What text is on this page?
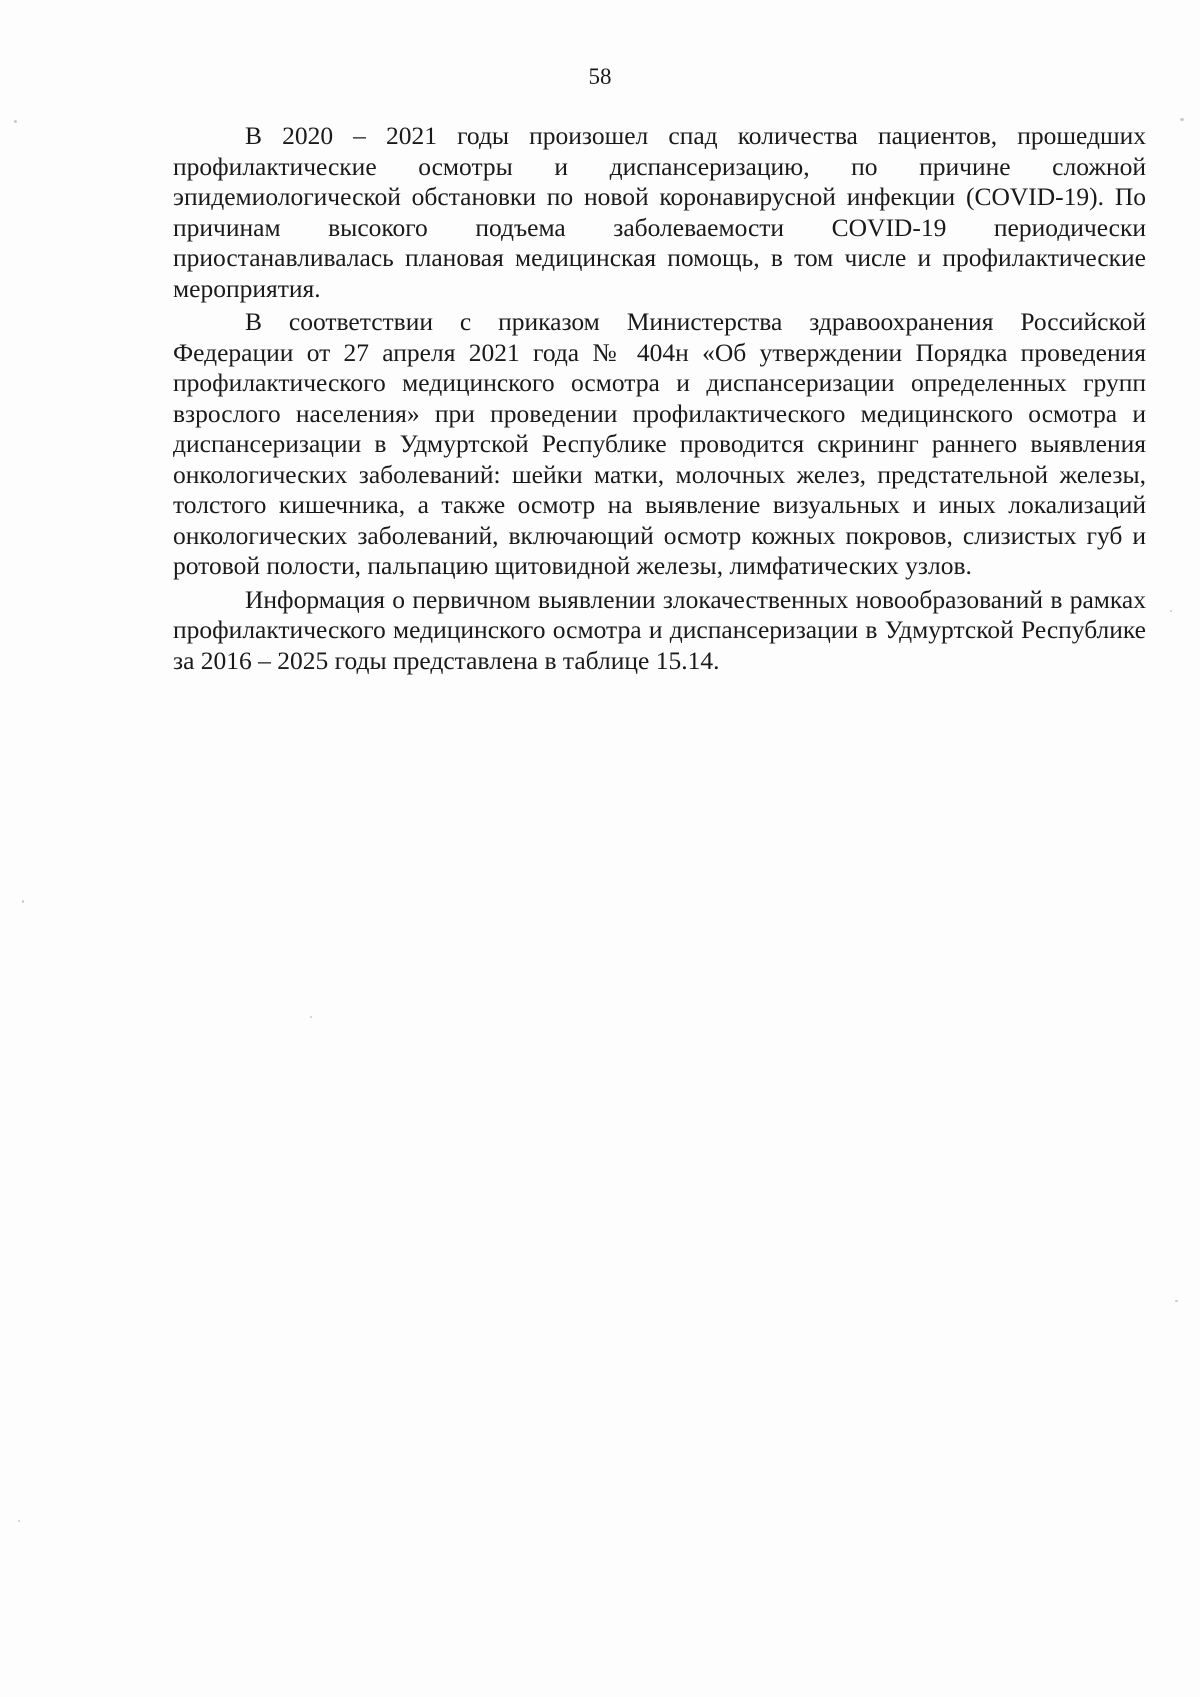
58

В 2020 – 2021 годы произошел спад количества пациентов, прошедших профилактические осмотры и диспансеризацию, по причине сложной эпидемиологической обстановки по новой коронавирусной инфекции (COVID-19). По причинам высокого подъема заболеваемости COVID-19 периодически приостанавливалась плановая медицинская помощь, в том числе и профилактические мероприятия.

В соответствии с приказом Министерства здравоохранения Российской Федерации от 27 апреля 2021 года № 404н «Об утверждении Порядка проведения профилактического медицинского осмотра и диспансеризации определенных групп взрослого населения» при проведении профилактического медицинского осмотра и диспансеризации в Удмуртской Республике проводится скрининг раннего выявления онкологических заболеваний: шейки матки, молочных желез, предстательной железы, толстого кишечника, а также осмотр на выявление визуальных и иных локализаций онкологических заболеваний, включающий осмотр кожных покровов, слизистых губ и ротовой полости, пальпацию щитовидной железы, лимфатических узлов.

Информация о первичном выявлении злокачественных новообразований в рамках профилактического медицинского осмотра и диспансеризации в Удмуртской Республике за 2016 – 2025 годы представлена в таблице 15.14.
